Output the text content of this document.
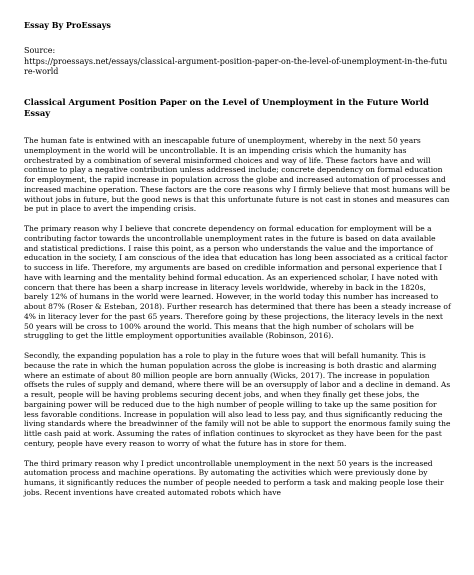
Essay By ProEssays
Source:
https://proessays.net/essays/classical-argument-position-paper-on-the-level-of-unemployment-in-the-future-world
Classical Argument Position Paper on the Level of Unemployment in the Future World Essay

The human fate is entwined with an inescapable future of unemployment, whereby in the next 50 years unemployment in the world will be uncontrollable. It is an impending crisis which the humanity has orchestrated by a combination of several misinformed choices and way of life. These factors have and will continue to play a negative contribution unless addressed include; concrete dependency on formal education for employment, the rapid increase in population across the globe and increased automation of processes and increased machine operation. These factors are the core reasons why I firmly believe that most humans will be without jobs in future, but the good news is that this unfortunate future is not cast in stones and measures can be put in place to avert the impending crisis.

The primary reason why I believe that concrete dependency on formal education for employment will be a contributing factor towards the uncontrollable unemployment rates in the future is based on data available and statistical predictions. I raise this point, as a person who understands the value and the importance of education in the society, I am conscious of the idea that education has long been associated as a critical factor to success in life. Therefore, my arguments are based on credible information and personal experience that I have with learning and the mentality behind formal education. As an experienced scholar, I have noted with concern that there has been a sharp increase in literacy levels worldwide, whereby in back in the 1820s, barely 12% of humans in the world were learned. However, in the world today this number has increased to about 87% (Roser & Esteban, 2018). Further research has determined that there has been a steady increase of 4% in literacy lever for the past 65 years. Therefore going by these projections, the literacy levels in the next 50 years will be cross to 100% around the world. This means that the high number of scholars will be struggling to get the little employment opportunities available (Robinson, 2016).

Secondly, the expanding population has a role to play in the future woes that will befall humanity. This is because the rate in which the human population across the globe is increasing is both drastic and alarming where an estimate of about 80 million people are born annually (Wicks, 2017). The increase in population offsets the rules of supply and demand, where there will be an oversupply of labor and a decline in demand. As a result, people will be having problems securing decent jobs, and when they finally get these jobs, the bargaining power will be reduced due to the high number of people willing to take up the same position for less favorable conditions. Increase in population will also lead to less pay, and thus significantly reducing the living standards where the breadwinner of the family will not be able to support the enormous family suing the little cash paid at work. Assuming the rates of inflation continues to skyrocket as they have been for the past century, people have every reason to worry of what the future has in store for them.

The third primary reason why I predict uncontrollable unemployment in the next 50 years is the increased automation process and machine operations. By automating the activities which were previously done by humans, it significantly reduces the number of people needed to perform a task and making people lose their jobs. Recent inventions have created automated robots which have
